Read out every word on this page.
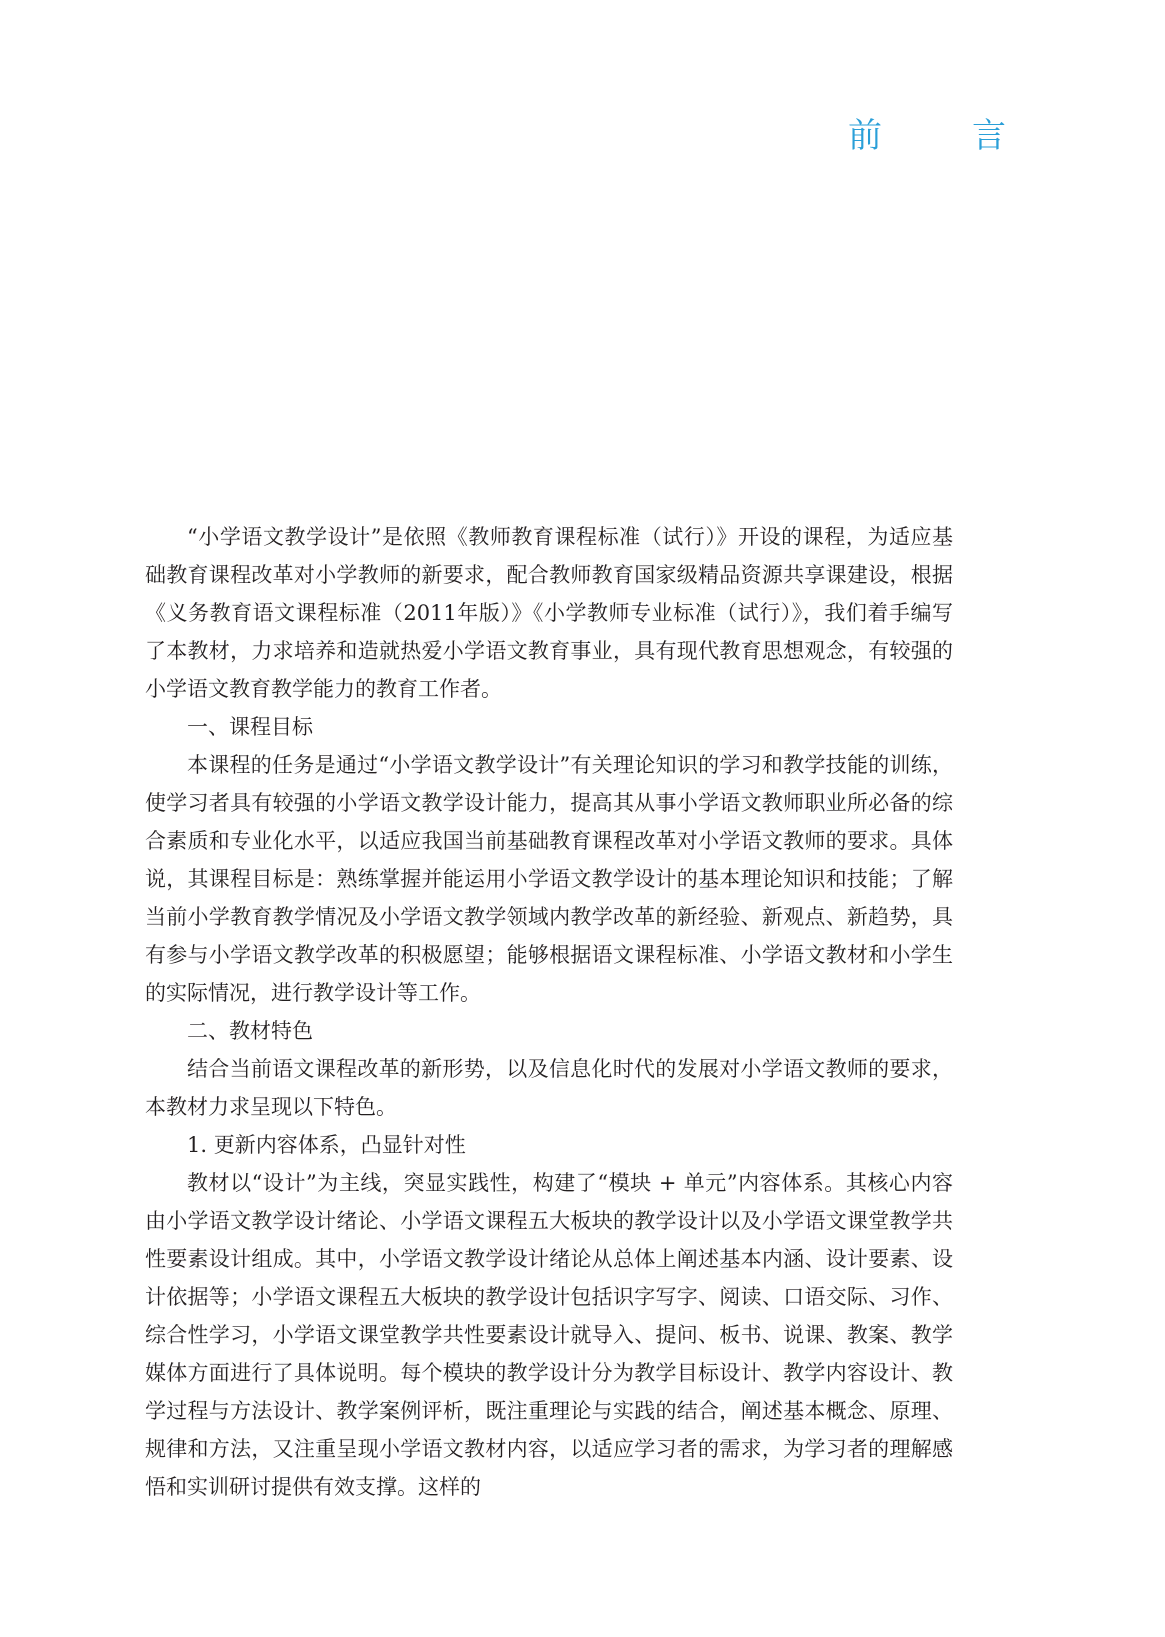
前　言

“小学语文教学设计”是依照《教师教育课程标准（试行）》开设的课程，为适应基础教育课程改革对小学教师的新要求，配合教师教育国家级精品资源共享课建设，根据《义务教育语文课程标准（2011年版）》《小学教师专业标准（试行）》，我们着手编写了本教材，力求培养和造就热爱小学语文教育事业，具有现代教育思想观念，有较强的小学语文教育教学能力的教育工作者。

一、课程目标

本课程的任务是通过“小学语文教学设计”有关理论知识的学习和教学技能的训练，使学习者具有较强的小学语文教学设计能力，提高其从事小学语文教师职业所必备的综合素质和专业化水平，以适应我国当前基础教育课程改革对小学语文教师的要求。具体说，其课程目标是：熟练掌握并能运用小学语文教学设计的基本理论知识和技能；了解当前小学教育教学情况及小学语文教学领域内教学改革的新经验、新观点、新趋势，具有参与小学语文教学改革的积极愿望；能够根据语文课程标准、小学语文教材和小学生的实际情况，进行教学设计等工作。

二、教材特色

结合当前语文课程改革的新形势，以及信息化时代的发展对小学语文教师的要求，本教材力求呈现以下特色。

1. 更新内容体系，凸显针对性

教材以“设计”为主线，突显实践性，构建了“模块 + 单元”内容体系。其核心内容由小学语文教学设计绪论、小学语文课程五大板块的教学设计以及小学语文课堂教学共性要素设计组成。其中，小学语文教学设计绪论从总体上阐述基本内涵、设计要素、设计依据等；小学语文课程五大板块的教学设计包括识字写字、阅读、口语交际、习作、综合性学习，小学语文课堂教学共性要素设计就导入、提问、板书、说课、教案、教学媒体方面进行了具体说明。每个模块的教学设计分为教学目标设计、教学内容设计、教学过程与方法设计、教学案例评析，既注重理论与实践的结合，阐述基本概念、原理、规律和方法，又注重呈现小学语文教材内容，以适应学习者的需求，为学习者的理解感悟和实训研讨提供有效支撑。这样的
